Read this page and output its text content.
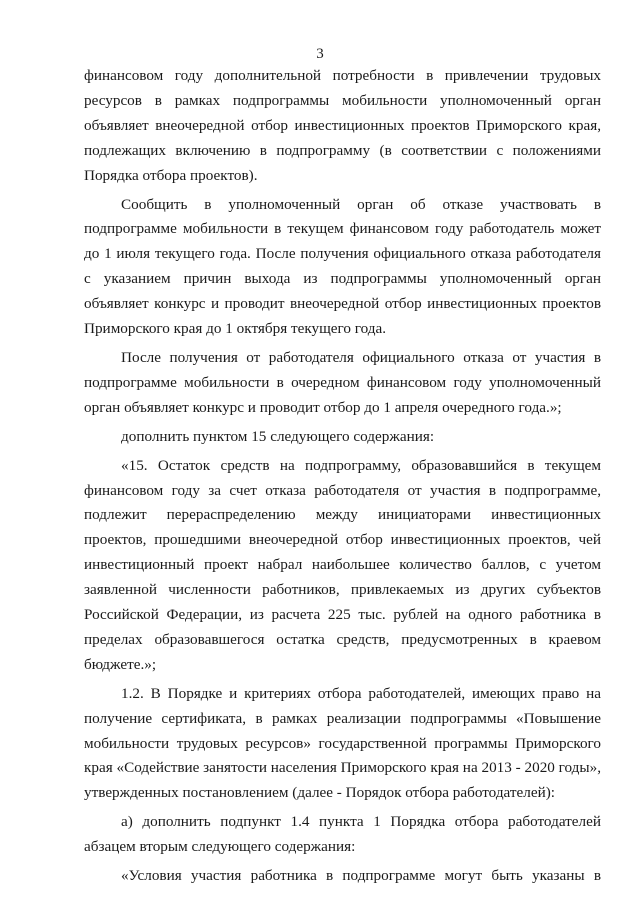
3

финансовом году дополнительной потребности в привлечении трудовых ресурсов в рамках подпрограммы мобильности уполномоченный орган объявляет внеочередной отбор инвестиционных проектов Приморского края, подлежащих включению в подпрограмму (в соответствии с положениями Порядка отбора проектов).

Сообщить в уполномоченный орган об отказе участвовать в подпрограмме мобильности в текущем финансовом году работодатель может до 1 июля текущего года. После получения официального отказа работодателя с указанием причин выхода из подпрограммы уполномоченный орган объявляет конкурс и проводит внеочередной отбор инвестиционных проектов Приморского края до 1 октября текущего года.

После получения от работодателя официального отказа от участия в подпрограмме мобильности в очередном финансовом году уполномоченный орган объявляет конкурс и проводит отбор до 1 апреля очередного года.»;

дополнить пунктом 15 следующего содержания:

«15. Остаток средств на подпрограмму, образовавшийся в текущем финансовом году за счет отказа работодателя от участия в подпрограмме, подлежит перераспределению между инициаторами инвестиционных проектов, прошедшими внеочередной отбор инвестиционных проектов, чей инвестиционный проект набрал наибольшее количество баллов, с учетом заявленной численности работников, привлекаемых из других субъектов Российской Федерации, из расчета 225 тыс. рублей на одного работника в пределах образовавшегося остатка средств, предусмотренных в краевом бюджете.»;

1.2. В Порядке и критериях отбора работодателей, имеющих право на получение сертификата, в рамках реализации подпрограммы «Повышение мобильности трудовых ресурсов» государственной программы Приморского края «Содействие занятости населения Приморского края на 2013 - 2020 годы», утвержденных постановлением (далее - Порядок отбора работодателей):

а) дополнить подпункт 1.4 пункта 1 Порядка отбора работодателей абзацем вторым следующего содержания:

«Условия участия работника в подпрограмме могут быть указаны в
